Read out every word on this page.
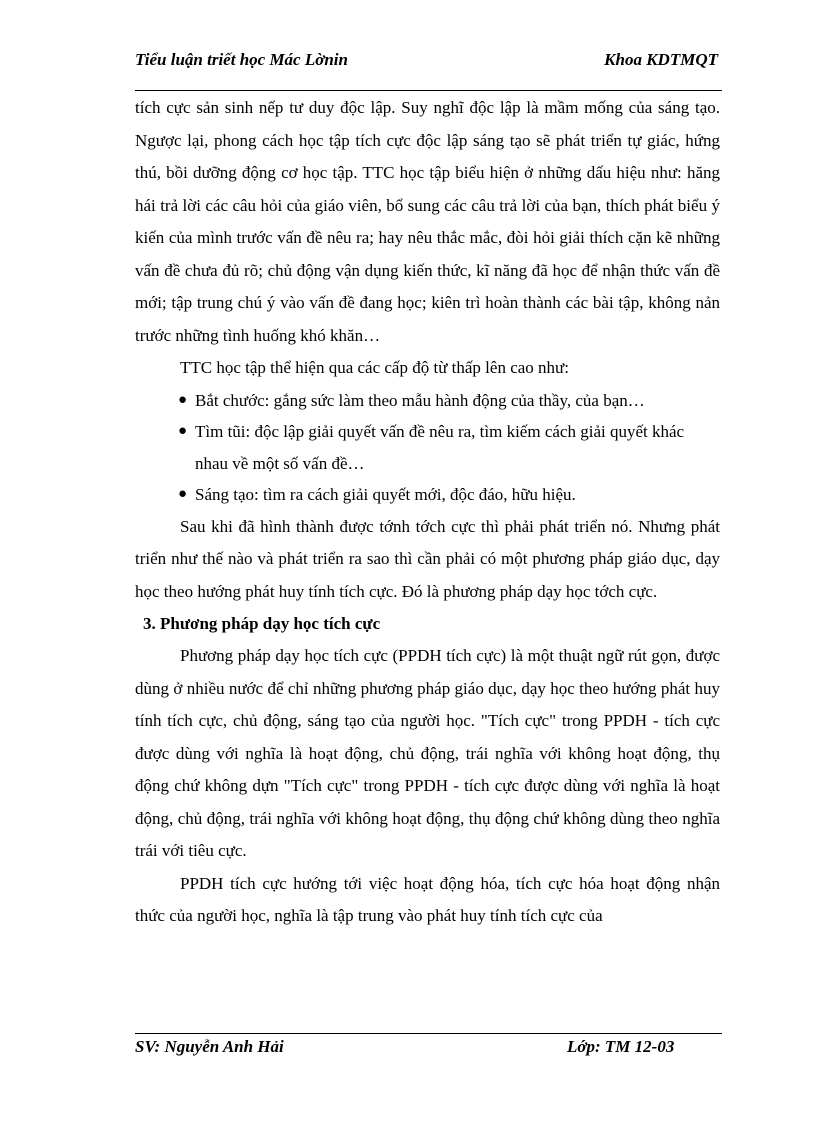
Tiểu luận triết học Mác Lờnin	Khoa KDTMQT

tích cực sản sinh nếp tư duy độc lập. Suy nghĩ độc lập là mầm mống của sáng tạo. Ngược lại, phong cách học tập tích cực độc lập sáng tạo sẽ phát triển tự giác, hứng thú, bồi dưỡng động cơ học tập. TTC học tập biểu hiện ở những dấu hiệu như: hăng hái trả lời các câu hỏi của giáo viên, bổ sung các câu trả lời của bạn, thích phát biểu ý kiến của mình trước vấn đề nêu ra; hay nêu thắc mắc, đòi hỏi giải thích cặn kẽ những vấn đề chưa đủ rõ; chủ động vận dụng kiến thức, kĩ năng đã học để nhận thức vấn đề mới; tập trung chú ý vào vấn đề đang học; kiên trì hoàn thành các bài tập, không nản trước những tình huống khó khăn…

TTC học tập thể hiện qua các cấp độ từ thấp lên cao như:

● Bắt chước: gắng sức làm theo mẫu hành động của thầy, của bạn…
● Tìm tũi: độc lập giải quyết vấn đề nêu ra, tìm kiếm cách giải quyết khác nhau về một số vấn đề…
● Sáng tạo: tìm ra cách giải quyết mới, độc đáo, hữu hiệu.

Sau khi đã hình thành được tớnh tớch cực thì phải phát triển nó. Nhưng phát triển như thế nào và phát triển ra sao thì cần phải có một phương pháp giáo dục, dạy học theo hướng phát huy tính tích cực. Đó là phương pháp dạy học tớch cực.

3. Phương pháp dạy học tích cực

Phương pháp dạy học tích cực (PPDH tích cực) là một thuật ngữ rút gọn, được dùng ở nhiều nước để chỉ những phương pháp giáo dục, dạy học theo hướng phát huy tính tích cực, chủ động, sáng tạo của người học. "Tích cực" trong PPDH - tích cực được dùng với nghĩa là hoạt động, chủ động, trái nghĩa với không hoạt động, thụ động chứ không dựn "Tích cực" trong PPDH - tích cực được dùng với nghĩa là hoạt động, chủ động, trái nghĩa với không hoạt động, thụ động chứ không dùng theo nghĩa trái với tiêu cực.

PPDH tích cực hướng tới việc hoạt động hóa, tích cực hóa hoạt động nhận thức của người học, nghĩa là tập trung vào phát huy tính tích cực của

SV: Nguyễn Anh Hải	Lớp: TM 12-03
